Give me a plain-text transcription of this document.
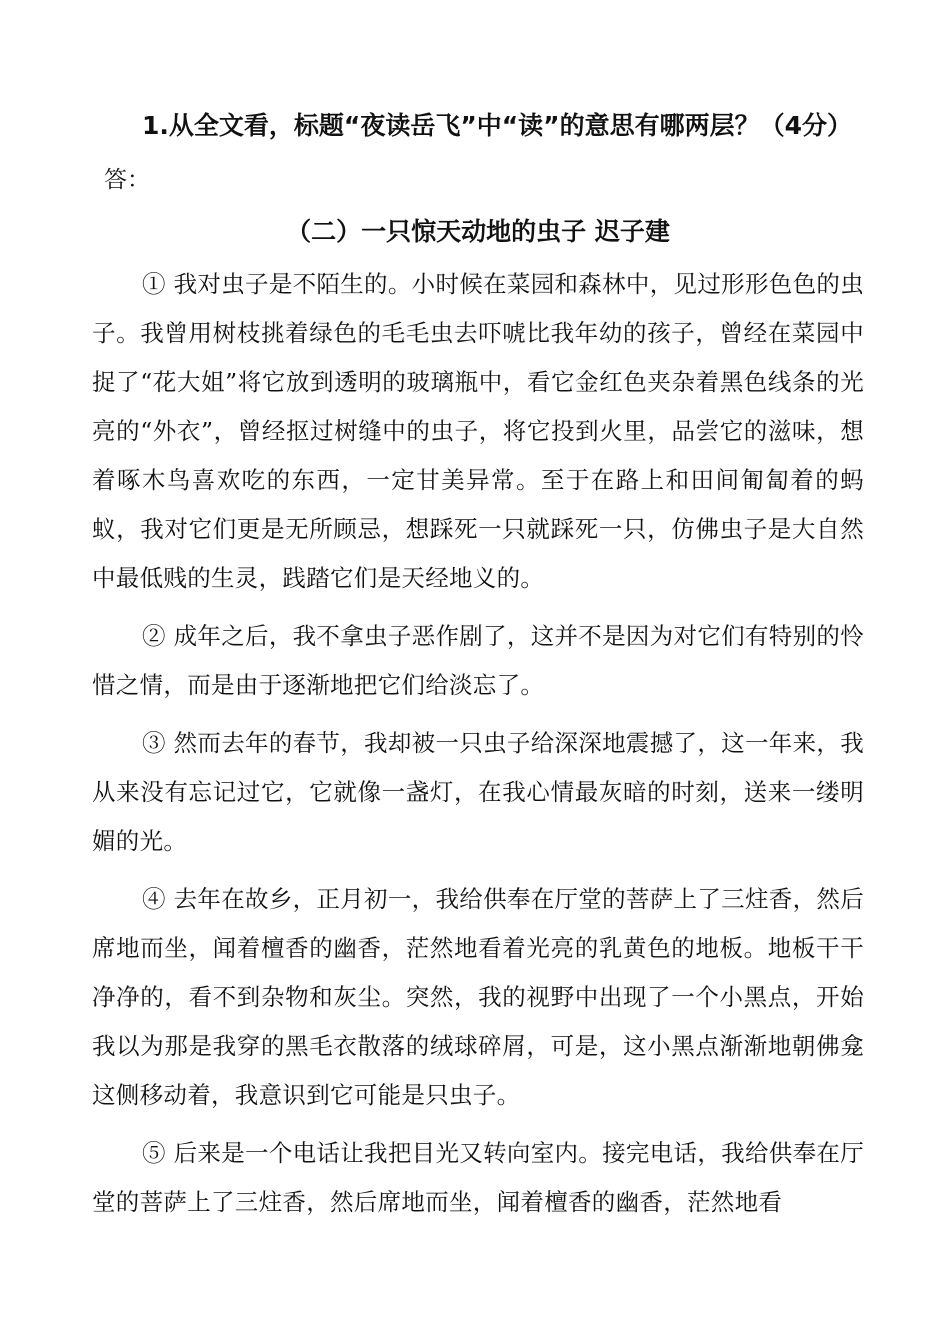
1.从全文看，标题“夜读岳飞”中“读”的意思有哪两层？（4分）

答：
（二）一只惊天动地的虫子 迟子建

① 我对虫子是不陌生的。小时候在菜园和森林中，见过形形色色的虫子。我曾用树枝挑着绿色的毛毛虫去吓唬比我年幼的孩子，曾经在菜园中捉了“花大姐”将它放到透明的玻璃瓶中，看它金红色夹杂着黑色线条的光亮的“外衣”，曾经抠过树缝中的虫子，将它投到火里，品尝它的滋味，想着啄木鸟喜欢吃的东西，一定甘美异常。至于在路上和田间匍匐着的蚂蚁，我对它们更是无所顾忌，想踩死一只就踩死一只，仿佛虫子是大自然中最低贱的生灵，践踏它们是天经地义的。

② 成年之后，我不拿虫子恶作剧了，这并不是因为对它们有特别的怜惜之情，而是由于逐渐地把它们给淡忘了。

③ 然而去年的春节，我却被一只虫子给深深地震撼了，这一年来，我从来没有忘记过它，它就像一盏灯，在我心情最灰暗的时刻，送来一缕明媚的光。

④ 去年在故乡，正月初一，我给供奉在厅堂的菩萨上了三炷香，然后席地而坐，闻着檀香的幽香，茫然地看着光亮的乳黄色的地板。地板干干净净的，看不到杂物和灰尘。突然，我的视野中出现了一个小黑点，开始我以为那是我穿的黑毛衣散落的绒球碎屑，可是，这小黑点渐渐地朝佛龛这侧移动着，我意识到它可能是只虫子。

⑤ 后来是一个电话让我把目光又转向室内。接完电话，我给供奉在厅堂的菩萨上了三炷香，然后席地而坐，闻着檀香的幽香，茫然地看
